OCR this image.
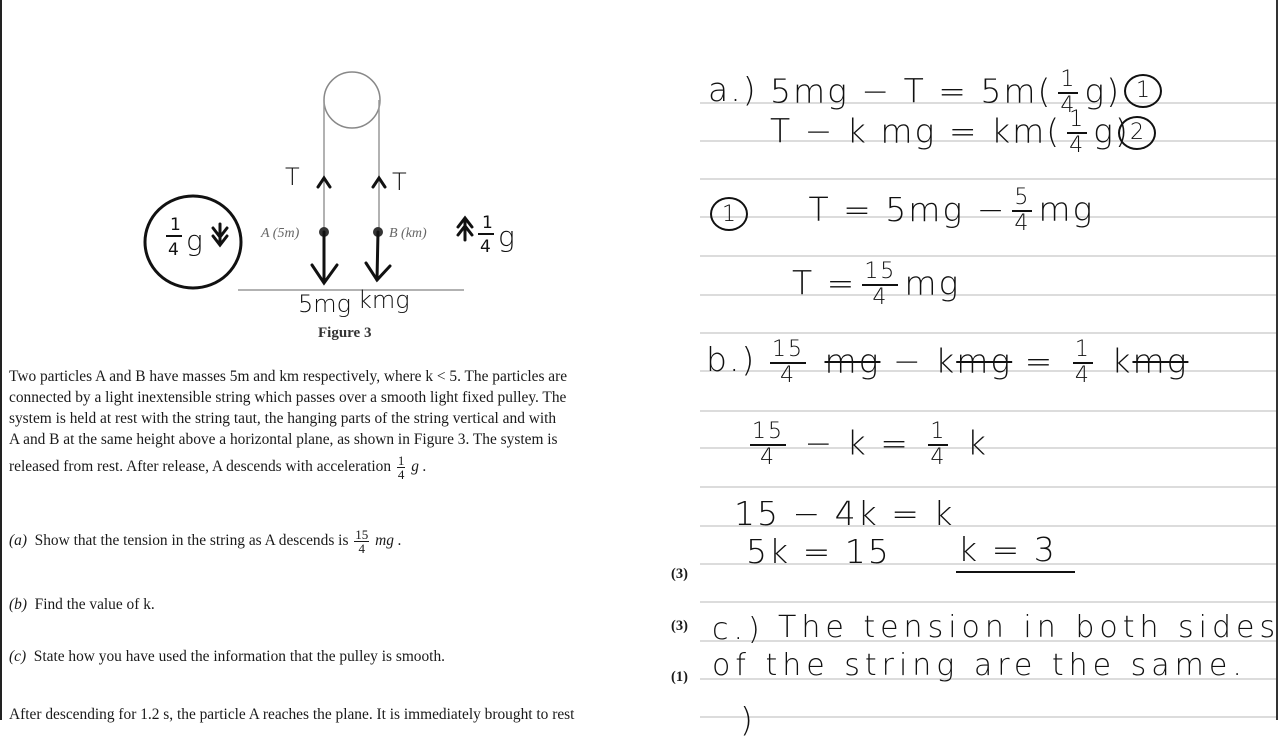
T	T
5mg kmg
1
4 g
1
4 g
A (5m)	B (km)
Figure 3
Two particles A and B have masses 5m and km respectively, where k < 5. The particles are
connected by a light inextensible string which passes over a smooth light fixed pulley. The
system is held at rest with the string taut, the hanging parts of the string vertical and with
A and B at the same height above a horizontal plane, as shown in Figure 3. The system is
released from rest. After release, A descends with acceleration $\frac{1}{4}$ g .
(a) Show that the tension in the string as A descends is $\frac{15}{4}$ mg .
(3)
(b) Find the value of k.
(3)
(c) State how you have used the information that the pulley is smooth.
(1)
After descending for 1.2 s, the particle A reaches the plane. It is immediately brought to rest
a.) $5mg - T = 5m( \frac{1}{4} g)$ 1
T − k mg = $km( \frac{1}{4} g)$ 2
1 $T = 5mg - \frac{5}{4}$ mg
$T = \frac{15}{4}$ mg
$b.) \frac{15}{4}$ mg − kmg = $\frac{1}{4}$ kmg
$\frac{15}{4} - k = \frac{1}{4}$ k
15 − 4k = k
5k = 15 k = 3
c.) The tension in both sides
of the string are the same.
)
